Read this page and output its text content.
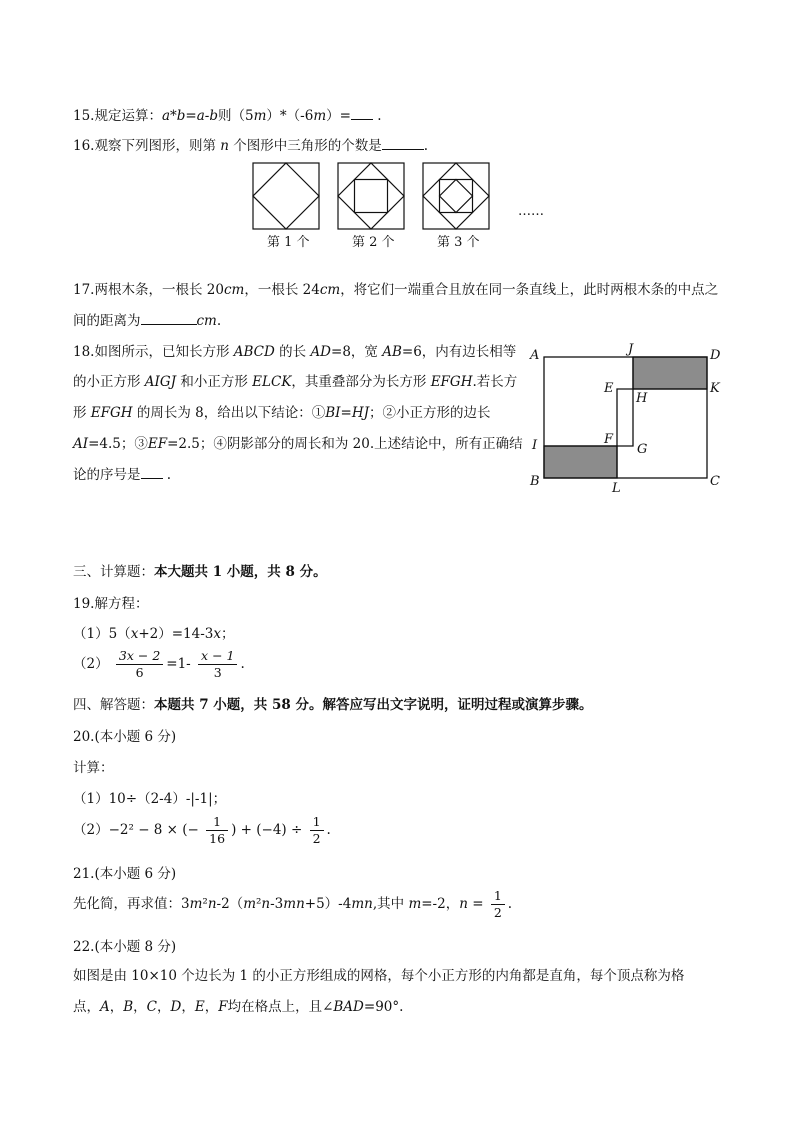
15.规定运算：a*b=a-b则（5m）*（-6m）= .
16.观察下列图形，则第 n 个图形中三角形的个数是	.
第 1 个	第 2 个	第 3 个
……
17.两根木条，一根长 20cm，一根长 24cm，将它们一端重合且放在同一条直线上，此时两根木条的中点之
间的距离为	cm.
18.如图所示，已知长方形 ABCD 的长 AD=8，宽 AB=6，内有边长相等
的小正方形 AIGJ 和小正方形 ELCK，其重叠部分为长方形 EFGH.若长方
形 EFGH 的周长为 8，给出以下结论：①BI=HJ；②小正方形的边长
AI=4.5；③EF=2.5；④阴影部分的周长和为 20.上述结论中，所有正确结
论的序号是 .
A	J	D
E
H
K
F
G
I
B	L	C
三、计算题：本大题共 1 小题，共 8 分。
19.解方程：
（1）5（x+2）=14-3x；
$(2) \frac{3x - 2}{6} =1- \frac{x - 1}{3}$ .
四、解答题：本题共 7 小题，共 58 分。解答应写出文字说明，证明过程或演算步骤。
20.(本小题 6 分)
计算：
（1）10÷（2-4）-|-1|；
（2）−2² − 8 × (− $\frac{1}{16}$ ) + $(-4) \div \frac{1}{2}$ .
21.(本小题 6 分)
先化简，再求值：3m²n-2（m²n-3mn+5）-4mn,其中 m=-2，$n = \frac{1}{2}$ .
22.(本小题 8 分)
如图是由 10×10 个边长为 1 的小正方形组成的网格，每个小正方形的内角都是直角，每个顶点称为格
点，A，B，C，D，E，F均在格点上，且∠BAD=90°.
